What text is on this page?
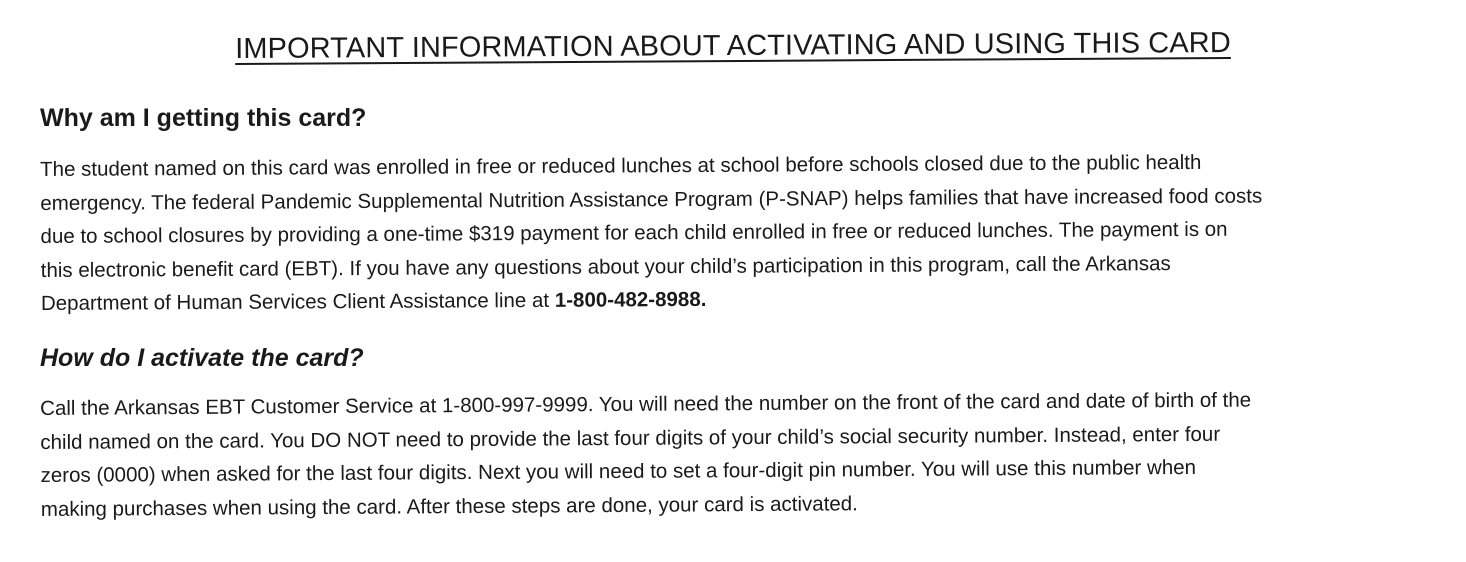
IMPORTANT INFORMATION ABOUT ACTIVATING AND USING THIS CARD
Why am I getting this card?
The student named on this card was enrolled in free or reduced lunches at school before schools closed due to the public health
emergency. The federal Pandemic Supplemental Nutrition Assistance Program (P-SNAP) helps families that have increased food costs
due to school closures by providing a one-time $319 payment for each child enrolled in free or reduced lunches. The payment is on
this electronic benefit card (EBT). If you have any questions about your child’s participation in this program, call the Arkansas
Department of Human Services Client Assistance line at 1-800-482-8988.
How do I activate the card?
Call the Arkansas EBT Customer Service at 1-800-997-9999. You will need the number on the front of the card and date of birth of the
child named on the card. You DO NOT need to provide the last four digits of your child’s social security number. Instead, enter four
zeros (0000) when asked for the last four digits. Next you will need to set a four-digit pin number. You will use this number when
making purchases when using the card. After these steps are done, your card is activated.
